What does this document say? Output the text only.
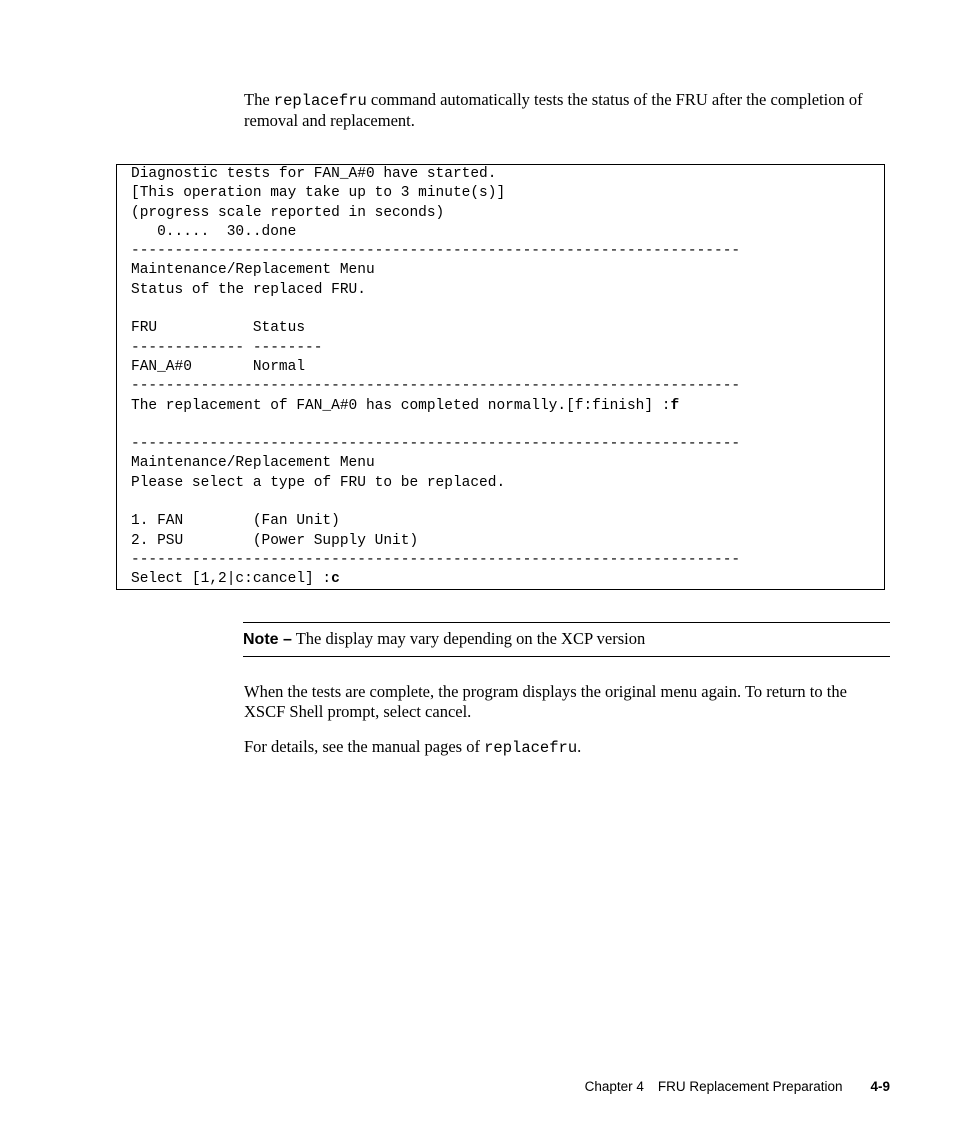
The replacefru command automatically tests the status of the FRU after the completion of removal and replacement.

Diagnostic tests for FAN_A#0 have started.
[This operation may take up to 3 minute(s)]
(progress scale reported in seconds)
0.....  30..done
----------------------------------------------------------------------
Maintenance/Replacement Menu
Status of the replaced FRU.
FRU           Status
------------- --------
FAN_A#0       Normal
----------------------------------------------------------------------
The replacement of FAN_A#0 has completed normally.[f:finish] :f
----------------------------------------------------------------------
Maintenance/Replacement Menu
Please select a type of FRU to be replaced.
1. FAN        (Fan Unit)
2. PSU        (Power Supply Unit)
----------------------------------------------------------------------
Select [1,2|c:cancel] :c
Note – The display may vary depending on the XCP version

When the tests are complete, the program displays the original menu again. To return to the XSCF Shell prompt, select cancel.

For details, see the manual pages of replacefru.

Chapter 4 FRU Replacement Preparation 4-9
